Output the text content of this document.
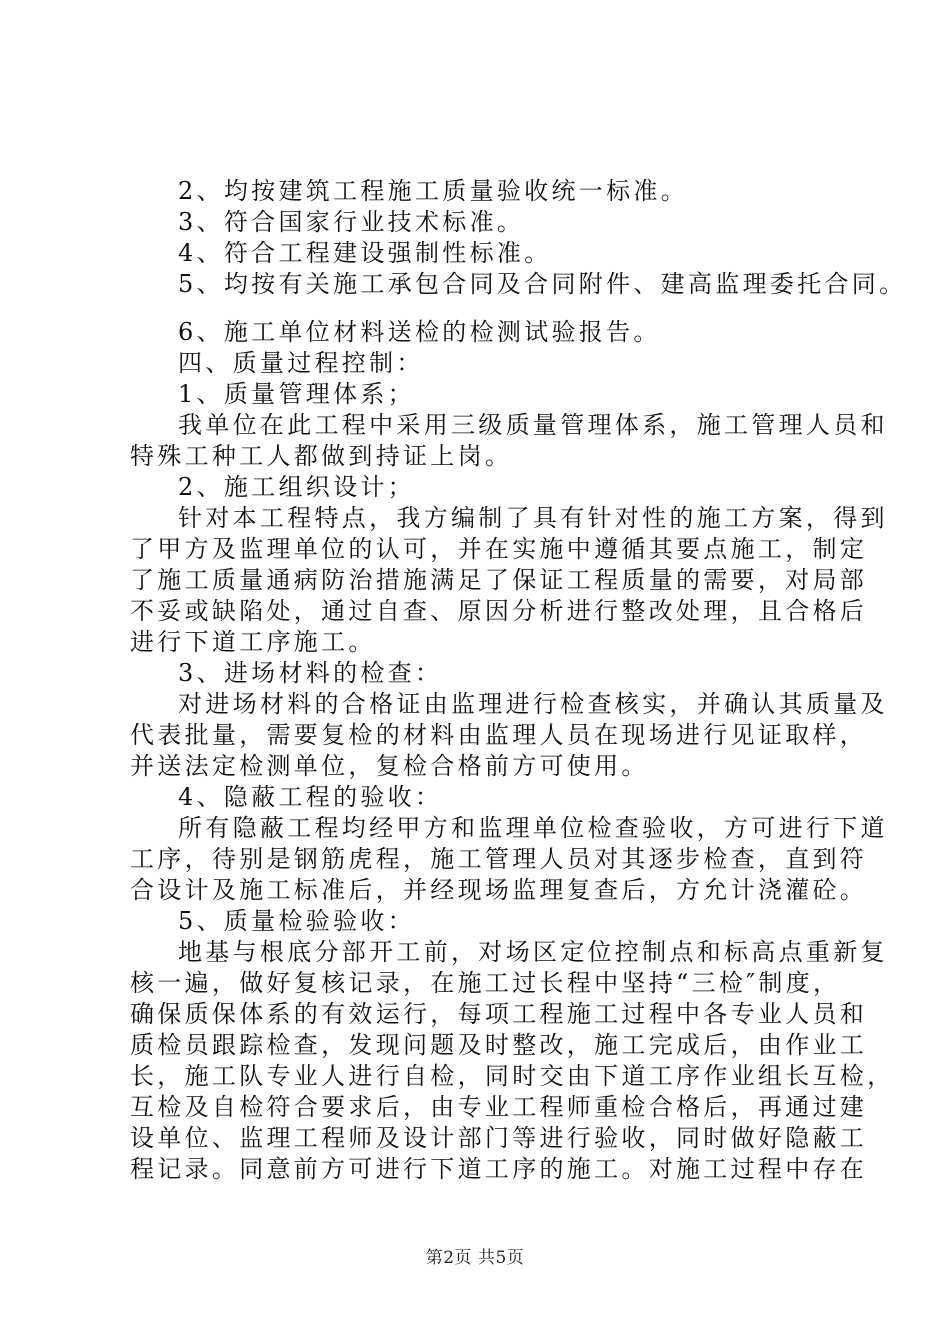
2、均按建筑工程施工质量验收统一标准。
3、符合国家行业技术标准。
4、符合工程建设强制性标准。
5、均按有关施工承包合同及合同附件、建高监理委托合同。
6、施工单位材料送检的检测试验报告。
四、质量过程控制：
1、质量管理体系；
我单位在此工程中采用三级质量管理体系，施工管理人员和
特殊工种工人都做到持证上岗。
2、施工组织设计；
针对本工程特点，我方编制了具有针对性的施工方案，得到
了甲方及监理单位的认可，并在实施中遵循其要点施工，制定
了施工质量通病防治措施满足了保证工程质量的需要，对局部
不妥或缺陷处，通过自查、原因分析进行整改处理，且合格后
进行下道工序施工。
3、进场材料的检查：
对进场材料的合格证由监理进行检查核实，并确认其质量及
代表批量，需要复检的材料由监理人员在现场进行见证取样，
并送法定检测单位，复检合格前方可使用。
4、隐蔽工程的验收：
所有隐蔽工程均经甲方和监理单位检查验收，方可进行下道
工序，待别是钢筋虎程，施工管理人员对其逐步检查，直到符
合设计及施工标准后，并经现场监理复查后，方允计浇灌砼。
5、质量检验验收：
地基与根底分部开工前，对场区定位控制点和标高点重新复
核一遍，做好复核记录，在施工过长程中坚持“三检″制度，
确保质保体系的有效运行，每项工程施工过程中各专业人员和
质检员跟踪检查，发现问题及时整改，施工完成后，由作业工
长，施工队专业人进行自检，同时交由下道工序作业组长互检，
互检及自检符合要求后，由专业工程师重检合格后，再通过建
设单位、监理工程师及设计部门等进行验收，同时做好隐蔽工
程记录。同意前方可进行下道工序的施工。对施工过程中存在
第2页 共5页
